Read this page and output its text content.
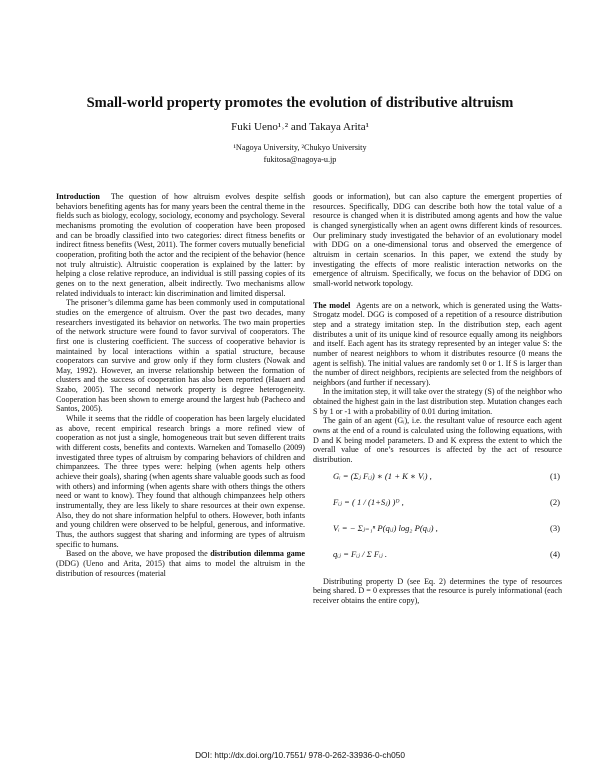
Small-world property promotes the evolution of distributive altruism
Fuki Ueno¹˒² and Takaya Arita¹
¹Nagoya University, ²Chukyo University
fukitosa@nagoya-u.jp

Introduction The question of how altruism evolves despite selfish behaviors benefiting agents has for many years been the central theme in the fields such as biology, ecology, sociology, economy and psychology. Several mechanisms promoting the evolution of cooperation have been proposed and can be broadly classified into two categories: direct fitness benefits or indirect fitness benefits (West, 2011). The former covers mutually beneficial cooperation, profiting both the actor and the recipient of the behavior (hence not truly altruistic). Altruistic cooperation is explained by the latter: by helping a close relative reproduce, an individual is still passing copies of its genes on to the next generation, albeit indirectly. Two mechanisms allow related individuals to interact: kin discrimination and limited dispersal.

The prisoner’s dilemma game has been commonly used in computational studies on the emergence of altruism. Over the past two decades, many researchers investigated its behavior on networks. The two main properties of the network structure were found to favor survival of cooperators. The first one is clustering coefficient. The success of cooperative behavior is maintained by local interactions within a spatial structure, because cooperators can survive and grow only if they form clusters (Nowak and May, 1992). However, an inverse relationship between the formation of clusters and the success of cooperation has also been reported (Hauert and Szabo, 2005). The second network property is degree heterogeneity. Cooperation has been shown to emerge around the largest hub (Pacheco and Santos, 2005).

While it seems that the riddle of cooperation has been largely elucidated as above, recent empirical research brings a more refined view of cooperation as not just a single, homogeneous trait but seven different traits with different costs, benefits and contexts. Warneken and Tomasello (2009) investigated three types of altruism by comparing behaviors of children and chimpanzees. The three types were: helping (when agents help others achieve their goals), sharing (when agents share valuable goods such as food with others) and informing (when agents share with others things the others need or want to know). They found that although chimpanzees help others instrumentally, they are less likely to share resources at their own expense. Also, they do not share information helpful to others. However, both infants and young children were observed to be helpful, generous, and informative. Thus, the authors suggest that sharing and informing are types of altruism specific to humans.

Based on the above, we have proposed the distribution dilemma game (DDG) (Ueno and Arita, 2015) that aims to model the altruism in the distribution of resources (material

goods or information), but can also capture the emergent properties of resources. Specifically, DDG can describe both how the total value of a resource is changed when it is distributed among agents and how the value is changed synergistically when an agent owns different kinds of resources. Our preliminary study investigated the behavior of an evolutionary model with DDG on a one-dimensional torus and observed the emergence of altruism in certain scenarios. In this paper, we extend the study by investigating the effects of more realistic interaction networks on the emergence of altruism. Specifically, we focus on the behavior of DDG on small-world network topology.

The model Agents are on a network, which is generated using the Watts-Strogatz model. DGG is composed of a repetition of a resource distribution step and a strategy imitation step. In the distribution step, each agent distributes a unit of its unique kind of resource equally among its neighbors and itself. Each agent has its strategy represented by an integer value S: the number of nearest neighbors to whom it distributes resource (0 means the agent is selfish). The initial values are randomly set 0 or 1. If S is larger than the number of direct neighbors, recipients are selected from the neighbors of neighbors (and further if necessary).

In the imitation step, it will take over the strategy (S) of the neighbor who obtained the highest gain in the last distribution step. Mutation changes each S by 1 or -1 with a probability of 0.01 during imitation.

The gain of an agent (Gᵢ), i.e. the resultant value of resource each agent owns at the end of a round is calculated using the following equations, with D and K being model parameters. D and K express the extent to which the overall value of one’s resources is affected by the act of resource distribution.

Gᵢ = (Σⱼ Fᵢⱼ) ∗ (1 + K ∗ Vᵢ) ,	(1)
Fᵢⱼ = ( 1 / (1+Sⱼ) )ᴰ ,	(2)
Vᵢ = − Σⱼ₌₁ⁿ P(qᵢⱼ) log₂ P(qᵢⱼ) ,	(3)
qᵢⱼ = Fᵢⱼ / Σ Fᵢⱼ .	(4)

Distributing property D (see Eq. 2) determines the type of resources being shared. D = 0 expresses that the resource is purely informational (each receiver obtains the entire copy),

DOI: http://dx.doi.org/10.7551/ 978-0-262-33936-0-ch050
